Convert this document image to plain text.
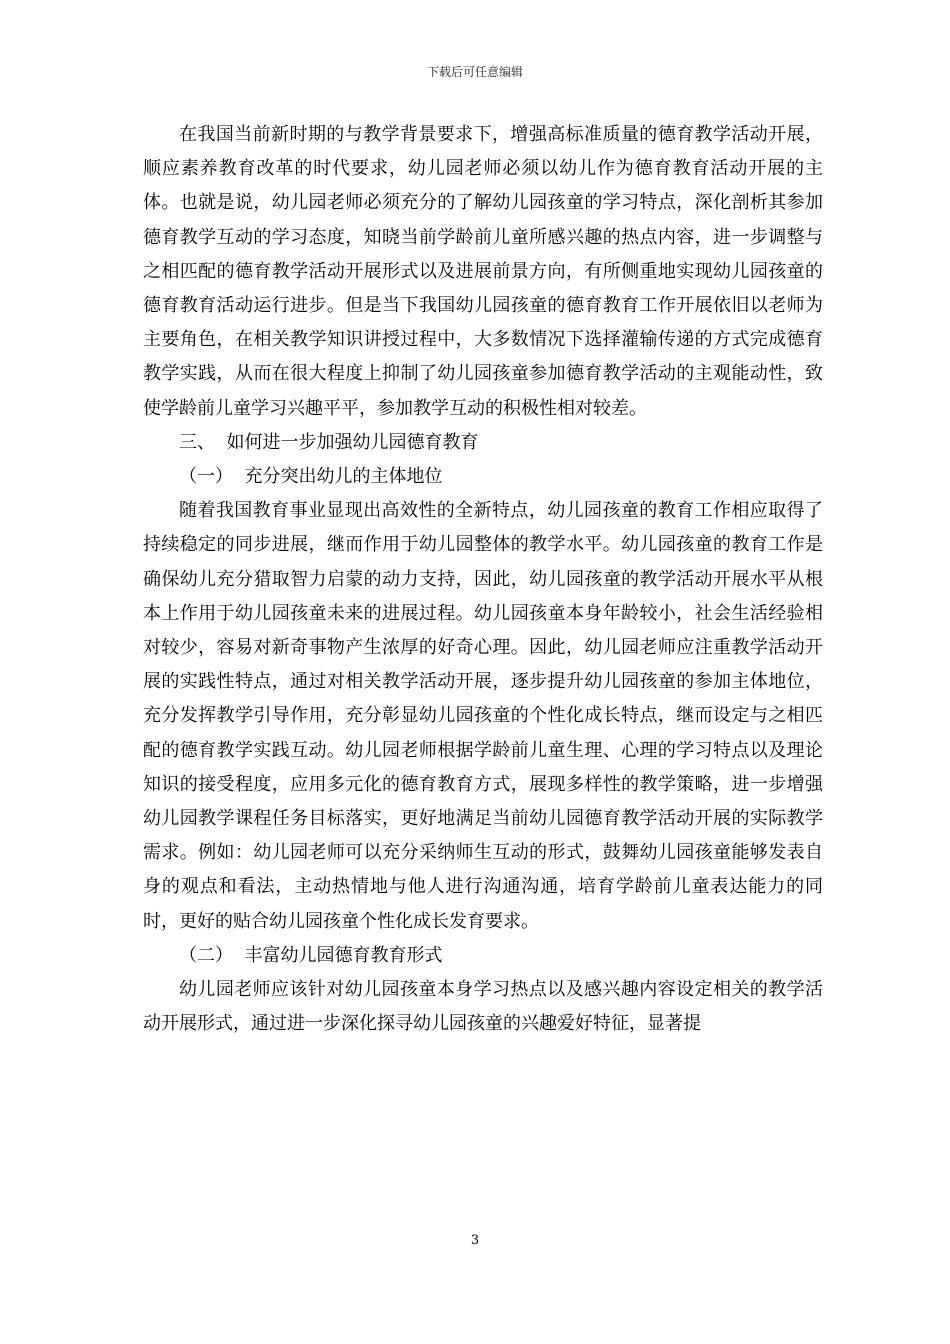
下载后可任意编辑

在我国当前新时期的与教学背景要求下，增强高标准质量的德育教学活动开展，顺应素养教育改革的时代要求，幼儿园老师必须以幼儿作为德育教育活动开展的主体。也就是说，幼儿园老师必须充分的了解幼儿园孩童的学习特点，深化剖析其参加德育教学互动的学习态度，知晓当前学龄前儿童所感兴趣的热点内容，进一步调整与之相匹配的德育教学活动开展形式以及进展前景方向，有所侧重地实现幼儿园孩童的德育教育活动运行进步。但是当下我国幼儿园孩童的德育教育工作开展依旧以老师为主要角色，在相关教学知识讲授过程中，大多数情况下选择灌输传递的方式完成德育教学实践，从而在很大程度上抑制了幼儿园孩童参加德育教学活动的主观能动性，致使学龄前儿童学习兴趣平平，参加教学互动的积极性相对较差。

三、  如何进一步加强幼儿园德育教育

（一）  充分突出幼儿的主体地位

随着我国教育事业显现出高效性的全新特点，幼儿园孩童的教育工作相应取得了持续稳定的同步进展，继而作用于幼儿园整体的教学水平。幼儿园孩童的教育工作是确保幼儿充分猎取智力启蒙的动力支持，因此，幼儿园孩童的教学活动开展水平从根本上作用于幼儿园孩童未来的进展过程。幼儿园孩童本身年龄较小，社会生活经验相对较少，容易对新奇事物产生浓厚的好奇心理。因此，幼儿园老师应注重教学活动开展的实践性特点，通过对相关教学活动开展，逐步提升幼儿园孩童的参加主体地位，充分发挥教学引导作用，充分彰显幼儿园孩童的个性化成长特点，继而设定与之相匹配的德育教学实践互动。幼儿园老师根据学龄前儿童生理、心理的学习特点以及理论知识的接受程度，应用多元化的德育教育方式，展现多样性的教学策略，进一步增强幼儿园教学课程任务目标落实，更好地满足当前幼儿园德育教学活动开展的实际教学需求。例如：幼儿园老师可以充分采纳师生互动的形式，鼓舞幼儿园孩童能够发表自身的观点和看法，主动热情地与他人进行沟通沟通，培育学龄前儿童表达能力的同时，更好的贴合幼儿园孩童个性化成长发育要求。

（二）  丰富幼儿园德育教育形式

幼儿园老师应该针对幼儿园孩童本身学习热点以及感兴趣内容设定相关的教学活动开展形式，通过进一步深化探寻幼儿园孩童的兴趣爱好特征，显著提

3
